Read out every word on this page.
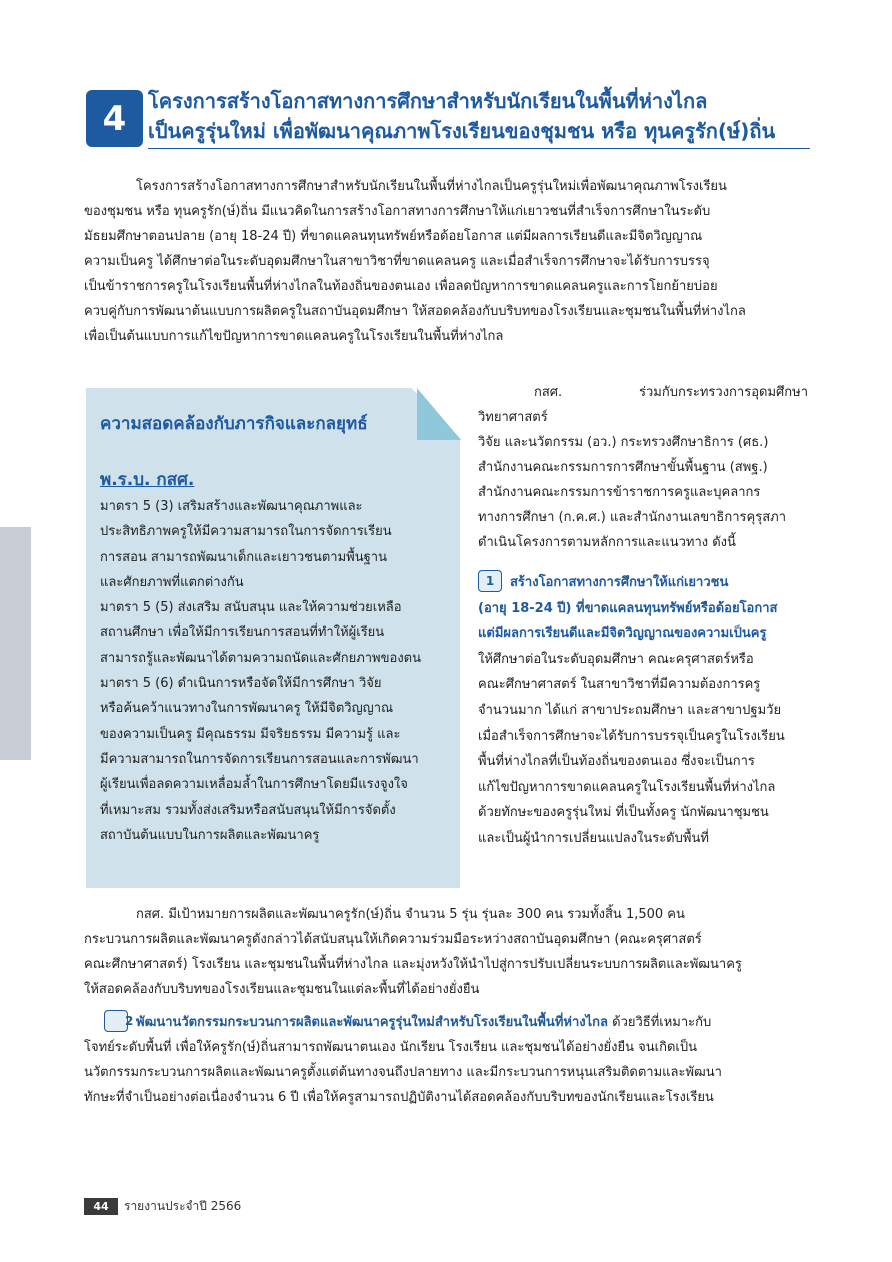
4 โครงการสร้างโอกาสทางการศึกษาสำหรับนักเรียนในพื้นที่ห่างไกล
เป็นครูรุ่นใหม่ เพื่อพัฒนาคุณภาพโรงเรียนของชุมชน หรือ ทุนครูรัก(ษ์)ถิ่น

โครงการสร้างโอกาสทางการศึกษาสำหรับนักเรียนในพื้นที่ห่างไกลเป็นครูรุ่นใหม่เพื่อพัฒนาคุณภาพโรงเรียน

ของชุมชน หรือ ทุนครูรัก(ษ์)ถิ่น มีแนวคิดในการสร้างโอกาสทางการศึกษาให้แก่เยาวชนที่สำเร็จการศึกษาในระดับ

มัธยมศึกษาตอนปลาย (อายุ 18-24 ปี) ที่ขาดแคลนทุนทรัพย์หรือด้อยโอกาส แต่มีผลการเรียนดีและมีจิตวิญญาณ

ความเป็นครู ได้ศึกษาต่อในระดับอุดมศึกษาในสาขาวิชาที่ขาดแคลนครู และเมื่อสำเร็จการศึกษาจะได้รับการบรรจุ

เป็นข้าราชการครูในโรงเรียนพื้นที่ห่างไกลในท้องถิ่นของตนเอง เพื่อลดปัญหาการขาดแคลนครูและการโยกย้ายบ่อย

ควบคู่กับการพัฒนาต้นแบบการผลิตครูในสถาบันอุดมศึกษา ให้สอดคล้องกับบริบทของโรงเรียนและชุมชนในพื้นที่ห่างไกล

เพื่อเป็นต้นแบบการแก้ไขปัญหาการขาดแคลนครูในโรงเรียนในพื้นที่ห่างไกล

ความสอดคล้องกับภารกิจและกลยุทธ์
พ.ร.บ. กสศ.

มาตรา 5 (3) เสริมสร้างและพัฒนาคุณภาพและ

ประสิทธิภาพครูให้มีความสามารถในการจัดการเรียน

การสอน สามารถพัฒนาเด็กและเยาวชนตามพื้นฐาน

และศักยภาพที่แตกต่างกัน

มาตรา 5 (5) ส่งเสริม สนับสนุน และให้ความช่วยเหลือ

สถานศึกษา เพื่อให้มีการเรียนการสอนที่ทำให้ผู้เรียน

สามารถรู้และพัฒนาได้ตามความถนัดและศักยภาพของตน

มาตรา 5 (6) ดำเนินการหรือจัดให้มีการศึกษา วิจัย

หรือค้นคว้าแนวทางในการพัฒนาครู ให้มีจิตวิญญาณ

ของความเป็นครู มีคุณธรรม มีจริยธรรม มีความรู้ และ

มีความสามารถในการจัดการเรียนการสอนและการพัฒนา

ผู้เรียนเพื่อลดความเหลื่อมล้ำในการศึกษาโดยมีแรงจูงใจ

ที่เหมาะสม รวมทั้งส่งเสริมหรือสนับสนุนให้มีการจัดตั้ง

สถาบันต้นแบบในการผลิตและพัฒนาครู

กสศ. ร่วมกับกระทรวงการอุดมศึกษา วิทยาศาสตร์

วิจัย และนวัตกรรม (อว.) กระทรวงศึกษาธิการ (ศธ.)

สำนักงานคณะกรรมการการศึกษาขั้นพื้นฐาน (สพฐ.)

สำนักงานคณะกรรมการข้าราชการครูและบุคลากร

ทางการศึกษา (ก.ค.ศ.) และสำนักงานเลขาธิการคุรุสภา

ดำเนินโครงการตามหลักการและแนวทาง ดังนี้

1 สร้างโอกาสทางการศึกษาให้แก่เยาวชน

(อายุ 18-24 ปี) ที่ขาดแคลนทุนทรัพย์หรือด้อยโอกาส

แต่มีผลการเรียนดีและมีจิตวิญญาณของความเป็นครู

ให้ศึกษาต่อในระดับอุดมศึกษา คณะครุศาสตร์หรือ

คณะศึกษาศาสตร์ ในสาขาวิชาที่มีความต้องการครู

จำนวนมาก ได้แก่ สาขาประถมศึกษา และสาขาปฐมวัย

เมื่อสำเร็จการศึกษาจะได้รับการบรรจุเป็นครูในโรงเรียน

พื้นที่ห่างไกลที่เป็นท้องถิ่นของตนเอง ซึ่งจะเป็นการ

แก้ไขปัญหาการขาดแคลนครูในโรงเรียนพื้นที่ห่างไกล

ด้วยทักษะของครูรุ่นใหม่ ที่เป็นทั้งครู นักพัฒนาชุมชน

และเป็นผู้นำการเปลี่ยนแปลงในระดับพื้นที่

กสศ. มีเป้าหมายการผลิตและพัฒนาครูรัก(ษ์)ถิ่น จำนวน 5 รุ่น รุ่นละ 300 คน รวมทั้งสิ้น 1,500 คน

กระบวนการผลิตและพัฒนาครูดังกล่าวได้สนับสนุนให้เกิดความร่วมมือระหว่างสถาบันอุดมศึกษา (คณะครุศาสตร์

คณะศึกษาศาสตร์) โรงเรียน และชุมชนในพื้นที่ห่างไกล และมุ่งหวังให้นำไปสู่การปรับเปลี่ยนระบบการผลิตและพัฒนาครู

ให้สอดคล้องกับบริบทของโรงเรียนและชุมชนในแต่ละพื้นที่ได้อย่างยั่งยืน

2 พัฒนานวัตกรรมกระบวนการผลิตและพัฒนาครูรุ่นใหม่สำหรับโรงเรียนในพื้นที่ห่างไกล ด้วยวิธีที่เหมาะกับ

โจทย์ระดับพื้นที่ เพื่อให้ครูรัก(ษ์)ถิ่นสามารถพัฒนาตนเอง นักเรียน โรงเรียน และชุมชนได้อย่างยั่งยืน จนเกิดเป็น

นวัตกรรมกระบวนการผลิตและพัฒนาครูตั้งแต่ต้นทางจนถึงปลายทาง และมีกระบวนการหนุนเสริมติดตามและพัฒนา

ทักษะที่จำเป็นอย่างต่อเนื่องจำนวน 6 ปี เพื่อให้ครูสามารถปฏิบัติงานได้สอดคล้องกับบริบทของนักเรียนและโรงเรียน

44 รายงานประจำปี 2566
